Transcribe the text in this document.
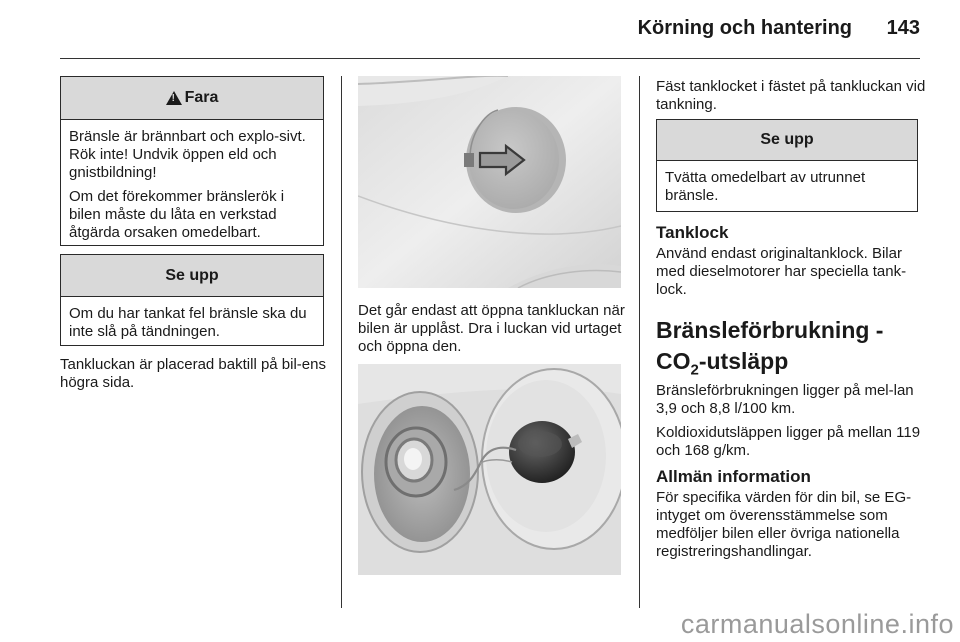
Körning och hantering 143
!
Fara

Bränsle är brännbart och explo-sivt. Rök inte! Undvik öppen eld och gnistbildning!

Om det förekommer bränslerök i bilen måste du låta en verkstad åtgärda orsaken omedelbart.

Se upp
Om du har tankat fel bränsle ska du inte slå på tändningen.

Tankluckan är placerad baktill på bil-ens högra sida.

Det går endast att öppna tankluckan när bilen är upplåst. Dra i luckan vid urtaget och öppna den.

Fäst tanklocket i fästet på tankluckan vid tankning.

Se upp
Tvätta omedelbart av utrunnet bränsle.

Tanklock

Använd endast originaltanklock. Bilar med dieselmotorer har speciella tank-lock.

Bränsleförbrukning -
$CO_2$-utsläpp

Bränsleförbrukningen ligger på mel-lan 3,9 och 8,8 l/100 km.

Koldioxidutsläppen ligger på mellan 119 och 168 g/km.

Allmän information

För specifika värden för din bil, se EG-intyget om överensstämmelse som medföljer bilen eller övriga nationella registreringshandlingar.

carmanualsonline.info
